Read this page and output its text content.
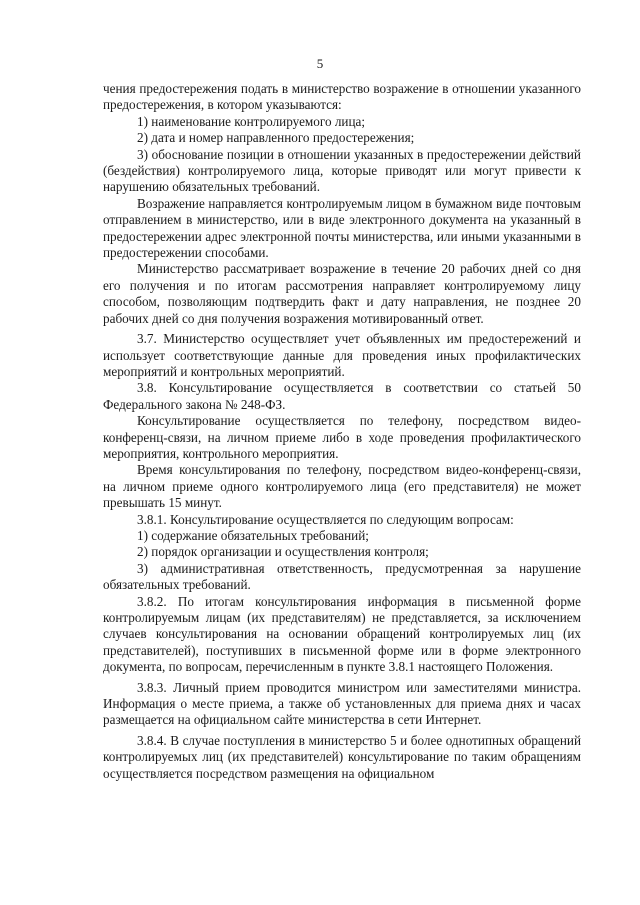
5

чения предостережения подать в министерство возражение в отношении указанного предостережения, в котором указываются:

1) наименование контролируемого лица;

2) дата и номер направленного предостережения;

3) обоснование позиции в отношении указанных в предостережении действий (бездействия) контролируемого лица, которые приводят или могут привести к нарушению обязательных требований.

Возражение направляется контролируемым лицом в бумажном виде почтовым отправлением в министерство, или в виде электронного документа на указанный в предостережении адрес электронной почты министерства, или иными указанными в предостережении способами.

Министерство рассматривает возражение в течение 20 рабочих дней со дня его получения и по итогам рассмотрения направляет контролируемому лицу способом, позволяющим подтвердить факт и дату направления, не позднее 20 рабочих дней со дня получения возражения мотивированный ответ.

3.7. Министерство осуществляет учет объявленных им предостережений и использует соответствующие данные для проведения иных профилактических мероприятий и контрольных мероприятий.

3.8. Консультирование осуществляется в соответствии со статьей 50 Федерального закона № 248-ФЗ.

Консультирование осуществляется по телефону, посредством видео-конференц-связи, на личном приеме либо в ходе проведения профилактического мероприятия, контрольного мероприятия.

Время консультирования по телефону, посредством видео-конференц-связи, на личном приеме одного контролируемого лица (его представителя) не может превышать 15 минут.

3.8.1. Консультирование осуществляется по следующим вопросам:

1) содержание обязательных требований;

2) порядок организации и осуществления контроля;

3) административная ответственность, предусмотренная за нарушение обязательных требований.

3.8.2. По итогам консультирования информация в письменной форме контролируемым лицам (их представителям) не представляется, за исключением случаев консультирования на основании обращений контролируемых лиц (их представителей), поступивших в письменной форме или в форме электронного документа, по вопросам, перечисленным в пункте 3.8.1 настоящего Положения.

3.8.3. Личный прием проводится министром или заместителями министра. Информация о месте приема, а также об установленных для приема днях и часах размещается на официальном сайте министерства в сети Интернет.

3.8.4. В случае поступления в министерство 5 и более однотипных обращений контролируемых лиц (их представителей) консультирование по таким обращениям осуществляется посредством размещения на официальном
